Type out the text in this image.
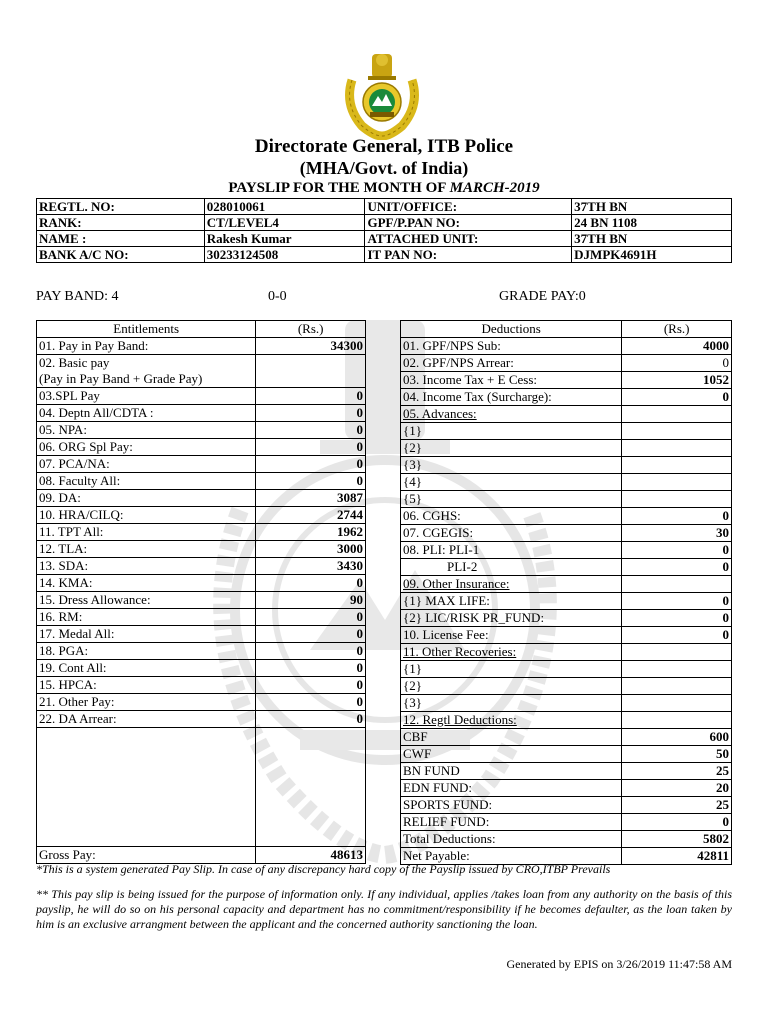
Directorate General, ITB Police
(MHA/Govt. of India)
PAYSLIP FOR THE MONTH OF MARCH-2019
REGTL. NO:	028010061	UNIT/OFFICE:	37TH BN
RANK:	CT/LEVEL4	GPF/P.PAN NO:	24 BN 1108
NAME :	Rakesh Kumar	ATTACHED UNIT:	37TH BN
BANK A/C NO:	30233124508	IT PAN NO:	DJMPK4691H
PAY BAND: 4	0-0	GRADE PAY:0
Entitlements	(Rs.)
01. Pay in Pay Band:	34300
02. Basic pay	
(Pay in Pay Band + Grade Pay)	
03.SPL Pay	0
04. Deptn All/CDTA :	0
05. NPA:	0
06. ORG Spl Pay:	0
07. PCA/NA:	0
08. Faculty All:	0
09. DA:	3087
10. HRA/CILQ:	2744
11. TPT All:	1962
12. TLA:	3000
13. SDA:	3430
14. KMA:	0
15. Dress Allowance:	90
16. RM:	0
17. Medal All:	0
18. PGA:	0
19. Cont All:	0
15. HPCA:	0
21. Other Pay:	0
22. DA Arrear:	0

Gross Pay:	48613
Deductions	(Rs.)
01. GPF/NPS Sub:	4000
02. GPF/NPS Arrear:	0
03. Income Tax + E Cess:	1052
04. Income Tax (Surcharge):	0
05. Advances:	
{1}	
{2}	
{3}	
{4}	
{5}	
06. CGHS:	0
07. CGEGIS:	30
08. PLI: PLI-1	0
PLI-2	0
09. Other Insurance:	
{1} MAX LIFE:	0
{2} LIC/RISK PR_FUND:	0
10. License Fee:	0
11. Other Recoveries:	
{1}	
{2}	
{3}	
12. Regtl Deductions:	
CBF	600
CWF	50
BN FUND	25
EDN FUND:	20
SPORTS FUND:	25
RELIEF FUND:	0
Total Deductions:	5802
Net Payable:	42811
*This is a system generated Pay Slip. In case of any discrepancy hard copy of the Payslip issued by CRO,ITBP Prevails
** This pay slip is being issued for the purpose of information only. If any individual, applies /takes loan from any authority on the basis of this payslip, he will do so on his personal capacity and department has no commitment/responsibility if he becomes defaulter, as the loan taken by him is an exclusive arrangment between the applicant and the concerned authority sanctioning the loan.
Generated by EPIS on 3/26/2019 11:47:58 AM
